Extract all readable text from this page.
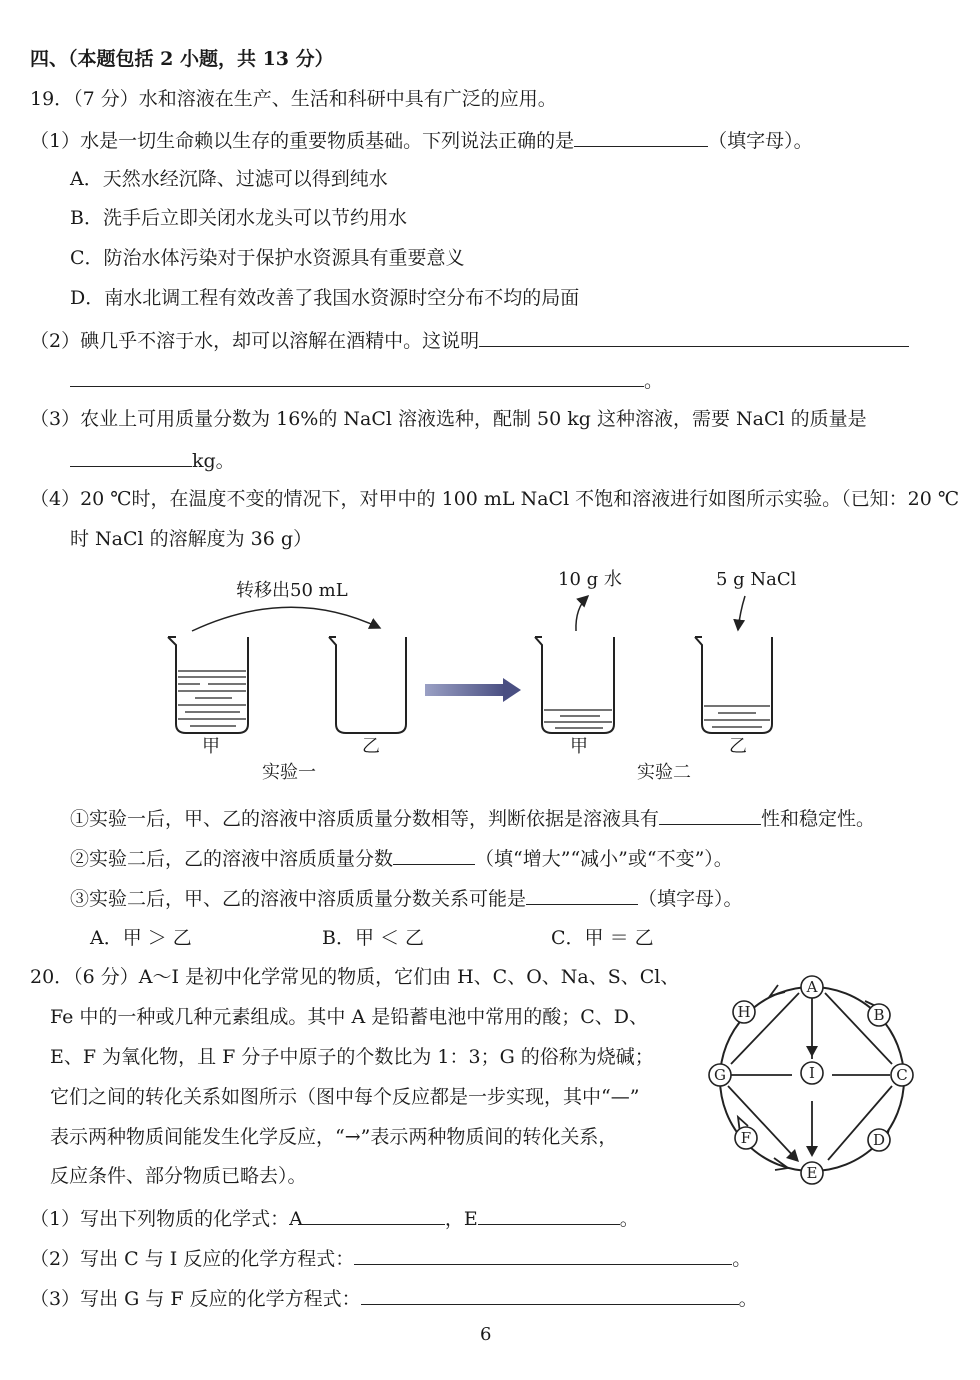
四、（本题包括 2 小题，共 13 分）
19．（7 分）水和溶液在生产、生活和科研中具有广泛的应用。
（1）水是一切生命赖以生存的重要物质基础。下列说法正确的是	（填字母）。
A．天然水经沉降、过滤可以得到纯水
B．洗手后立即关闭水龙头可以节约用水
C．防治水体污染对于保护水资源具有重要意义
D．南水北调工程有效改善了我国水资源时空分布不均的局面
（2）碘几乎不溶于水，却可以溶解在酒精中。这说明
。
（3）农业上可用质量分数为 16%的 NaCl 溶液选种，配制 50 kg 这种溶液，需要 NaCl 的质量是
kg。
（4）20 ℃时，在温度不变的情况下，对甲中的 100 mL NaCl 不饱和溶液进行如图所示实验。（已知：20 ℃
时 NaCl 的溶解度为 36 g）
A
H	B
G	I	C
F	D
E
转移出50 mL
10 g 水	5 g NaCl
甲	乙	甲	乙
实验一	实验二
①实验一后，甲、乙的溶液中溶质质量分数相等，判断依据是溶液具有	性和稳定性。
②实验二后，乙的溶液中溶质质量分数	（填“增大”“减小”或“不变”）。
③实验二后，甲、乙的溶液中溶质质量分数关系可能是	（填字母）。
A．甲 ＞ 乙	B．甲 ＜ 乙	C．甲 ＝ 乙
20．（6 分）A～I 是初中化学常见的物质，它们由 H、C、O、Na、S、Cl、
Fe 中的一种或几种元素组成。其中 A 是铅蓄电池中常用的酸；C、D、
E、F 为氧化物，且 F 分子中原子的个数比为 1：3；G 的俗称为烧碱；
它们之间的转化关系如图所示（图中每个反应都是一步实现，其中“—”
表示两种物质间能发生化学反应，“→”表示两种物质间的转化关系，
反应条件、部分物质已略去）。
（1）写出下列物质的化学式：A	，E	。
（2）写出 C 与 I 反应的化学方程式：	。
（3）写出 G 与 F 反应的化学方程式：	。
6
